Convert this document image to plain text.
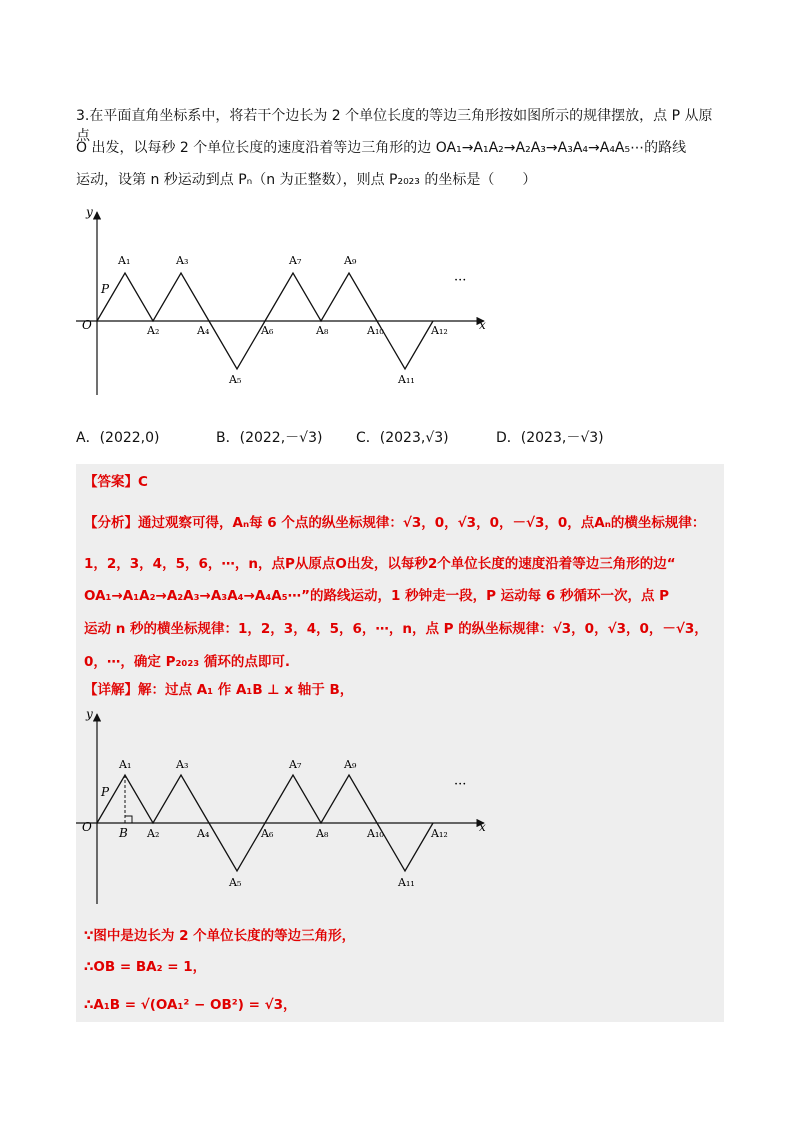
3.在平面直角坐标系中，将若干个边长为 2 个单位长度的等边三角形按如图所示的规律摆放，点 P 从原点
O 出发，以每秒 2 个单位长度的速度沿着等边三角形的边 OA₁→A₁A₂→A₂A₃→A₃A₄→A₄A₅⋯的路线
运动，设第 n 秒运动到点 Pₙ（n 为正整数），则点 P₂₀₂₃ 的坐标是（　　）
x
y
O
P
···
A₁	A₃	A₇	A₉
A₂	A₄	A₆	A₈	A₁₀	A₁₂
A₅	A₁₁
A．(2022,0)	B．(2022,－√3) C．(2023,√3)	D．(2023,－√3)
【答案】C
【分析】通过观察可得，Aₙ每 6 个点的纵坐标规律：√3，0，√3，0，－√3，0，点Aₙ的横坐标规律：
1，2，3，4，5，6，⋯，n，点P从原点O出发，以每秒2个单位长度的速度沿着等边三角形的边“
OA₁→A₁A₂→A₂A₃→A₃A₄→A₄A₅⋯”的路线运动，1 秒钟走一段，P 运动每 6 秒循环一次，点 P
运动 n 秒的横坐标规律：1，2，3，4，5，6，⋯，n，点 P 的纵坐标规律：√3，0，√3，0，－√3，
0，⋯，确定 P₂₀₂₃ 循环的点即可.
【详解】解：过点 A₁ 作 A₁B ⊥ x 轴于 B，
x
y
O
P
B
···
A₁	A₃	A₇	A₉
A₂	A₄	A₆	A₈	A₁₀	A₁₂
A₅	A₁₁
∵图中是边长为 2 个单位长度的等边三角形，
∴OB = BA₂ = 1，
∴A₁B = √(OA₁² − OB²) = √3，
